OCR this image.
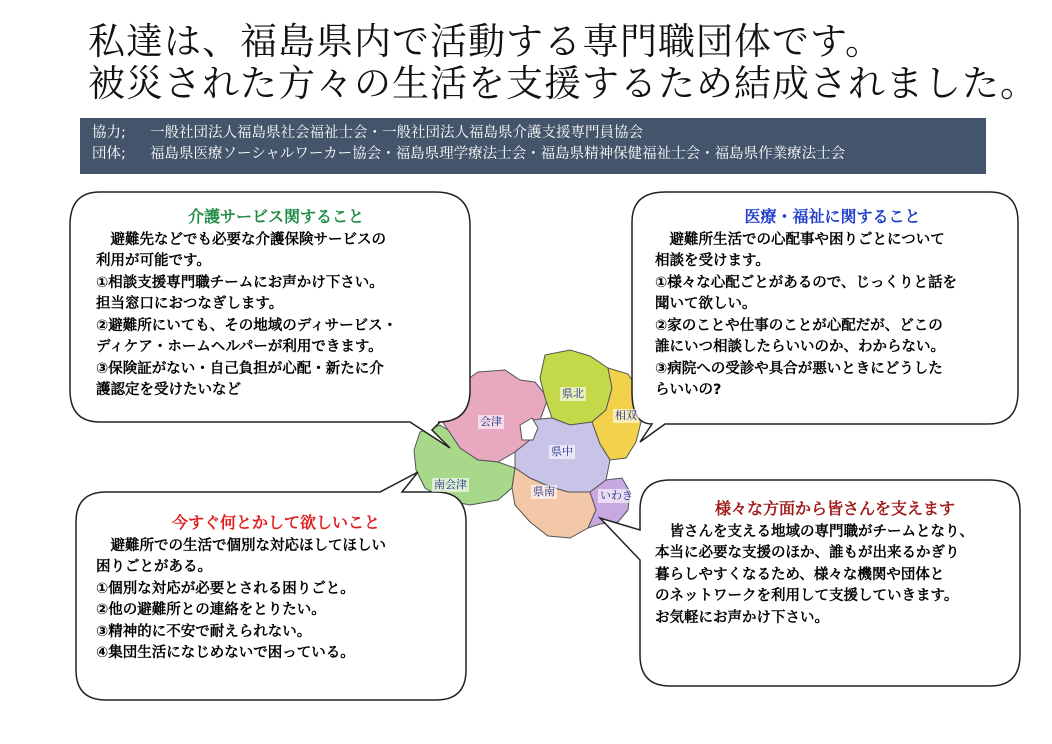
私達は、福島県内で活動する専門職団体です。
被災された方々の生活を支援するため結成されました。
協力; 一般社団法人福島県社会福祉士会・一般社団法人福島県介護支援専門員協会
団体; 福島県医療ソーシャルワーカー協会・福島県理学療法士会・福島県精神保健福祉士会・福島県作業療法士会
県北
相双
会津
県中
南会津
県南	いわき
介護サービス関すること
　避難先などでも必要な介護保険サービスの
利用が可能です。
①相談支援専門職チームにお声かけ下さい。
担当窓口におつなぎします。
②避難所にいても、その地域のディサービス・
ディケア・ホームヘルパーが利用できます。
③保険証がない・自己負担が心配・新たに介
護認定を受けたいなど
医療・福祉に関すること
　避難所生活での心配事や困りごとについて
相談を受けます。
①様々な心配ごとがあるので、じっくりと話を
聞いて欲しい。
②家のことや仕事のことが心配だが、どこの
誰にいつ相談したらいいのか、わからない。
③病院への受診や具合が悪いときにどうした
らいいの?
今すぐ何とかして欲しいこと
　避難所での生活で個別な対応ほしてほしい
困りごとがある。
①個別な対応が必要とされる困りごと。
②他の避難所との連絡をとりたい。
③精神的に不安で耐えられない。
④集団生活になじめないで困っている。
様々な方面から皆さんを支えます
　皆さんを支える地域の専門職がチームとなり、
本当に必要な支援のほか、誰もが出来るかぎり
暮らしやすくなるため、様々な機関や団体と
のネットワークを利用して支援していきます。
お気軽にお声かけ下さい。
